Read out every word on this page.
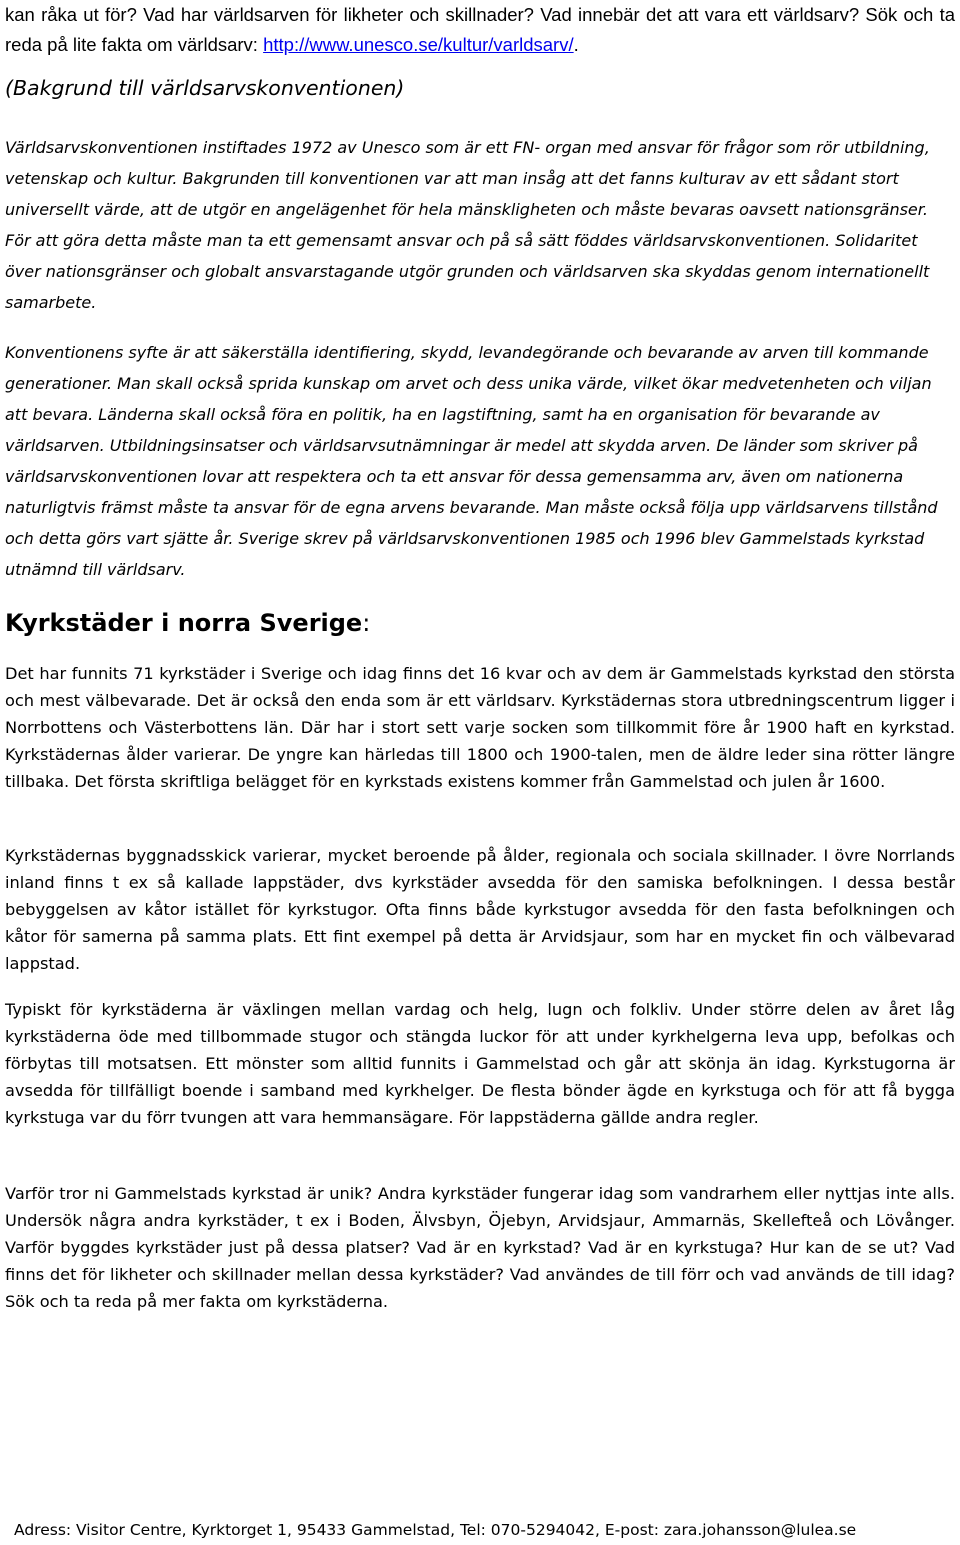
kan råka ut för? Vad har världsarven för likheter och skillnader? Vad innebär det att vara ett världsarv? Sök och ta reda på lite fakta om världsarv: http://www.unesco.se/kultur/varldsarv/.

(Bakgrund till världsarvskonventionen)

Världsarvskonventionen instiftades 1972 av Unesco som är ett FN- organ med ansvar för frågor som rör utbildning, vetenskap och kultur. Bakgrunden till konventionen var att man insåg att det fanns kulturav av ett sådant stort universellt värde, att de utgör en angelägenhet för hela mänskligheten och måste bevaras oavsett nationsgränser. För att göra detta måste man ta ett gemensamt ansvar och på så sätt föddes världsarvskonventionen. Solidaritet över nationsgränser och globalt ansvarstagande utgör grunden och världsarven ska skyddas genom internationellt samarbete.

Konventionens syfte är att säkerställa identifiering, skydd, levandegörande och bevarande av arven till kommande generationer. Man skall också sprida kunskap om arvet och dess unika värde, vilket ökar medvetenheten och viljan att bevara. Länderna skall också föra en politik, ha en lagstiftning, samt ha en organisation för bevarande av världsarven. Utbildningsinsatser och världsarvsutnämningar är medel att skydda arven. De länder som skriver på världsarvskonventionen lovar att respektera och ta ett ansvar för dessa gemensamma arv, även om nationerna naturligtvis främst måste ta ansvar för de egna arvens bevarande. Man måste också följa upp världsarvens tillstånd och detta görs vart sjätte år. Sverige skrev på världsarvskonventionen 1985 och 1996 blev Gammelstads kyrkstad utnämnd till världsarv.

Kyrkstäder i norra Sverige:

Det har funnits 71 kyrkstäder i Sverige och idag finns det 16 kvar och av dem är Gammelstads kyrkstad den största och mest välbevarade. Det är också den enda som är ett världsarv. Kyrkstädernas stora utbredningscentrum ligger i Norrbottens och Västerbottens län. Där har i stort sett varje socken som tillkommit före år 1900 haft en kyrkstad. Kyrkstädernas ålder varierar. De yngre kan härledas till 1800 och 1900-talen, men de äldre leder sina rötter längre tillbaka. Det första skriftliga belägget för en kyrkstads existens kommer från Gammelstad och julen år 1600.

Kyrkstädernas byggnadsskick varierar, mycket beroende på ålder, regionala och sociala skillnader. I övre Norrlands inland finns t ex så kallade lappstäder, dvs kyrkstäder avsedda för den samiska befolkningen. I dessa består bebyggelsen av kåtor istället för kyrkstugor. Ofta finns både kyrkstugor avsedda för den fasta befolkningen och kåtor för samerna på samma plats. Ett fint exempel på detta är Arvidsjaur, som har en mycket fin och välbevarad lappstad.

Typiskt för kyrkstäderna är växlingen mellan vardag och helg, lugn och folkliv. Under större delen av året låg kyrkstäderna öde med tillbommade stugor och stängda luckor för att under kyrkhelgerna leva upp, befolkas och förbytas till motsatsen. Ett mönster som alltid funnits i Gammelstad och går att skönja än idag. Kyrkstugorna är avsedda för tillfälligt boende i samband med kyrkhelger. De flesta bönder ägde en kyrkstuga och för att få bygga kyrkstuga var du förr tvungen att vara hemmansägare. För lappstäderna gällde andra regler.

Varför tror ni Gammelstads kyrkstad är unik? Andra kyrkstäder fungerar idag som vandrarhem eller nyttjas inte alls. Undersök några andra kyrkstäder, t ex i Boden, Älvsbyn, Öjebyn, Arvidsjaur, Ammarnäs, Skellefteå och Lövånger. Varför byggdes kyrkstäder just på dessa platser? Vad är en kyrkstad? Vad är en kyrkstuga? Hur kan de se ut? Vad finns det för likheter och skillnader mellan dessa kyrkstäder? Vad användes de till förr och vad används de till idag? Sök och ta reda på mer fakta om kyrkstäderna.

Adress: Visitor Centre, Kyrktorget 1, 95433 Gammelstad, Tel: 070-5294042, E-post: zara.johansson@lulea.se
